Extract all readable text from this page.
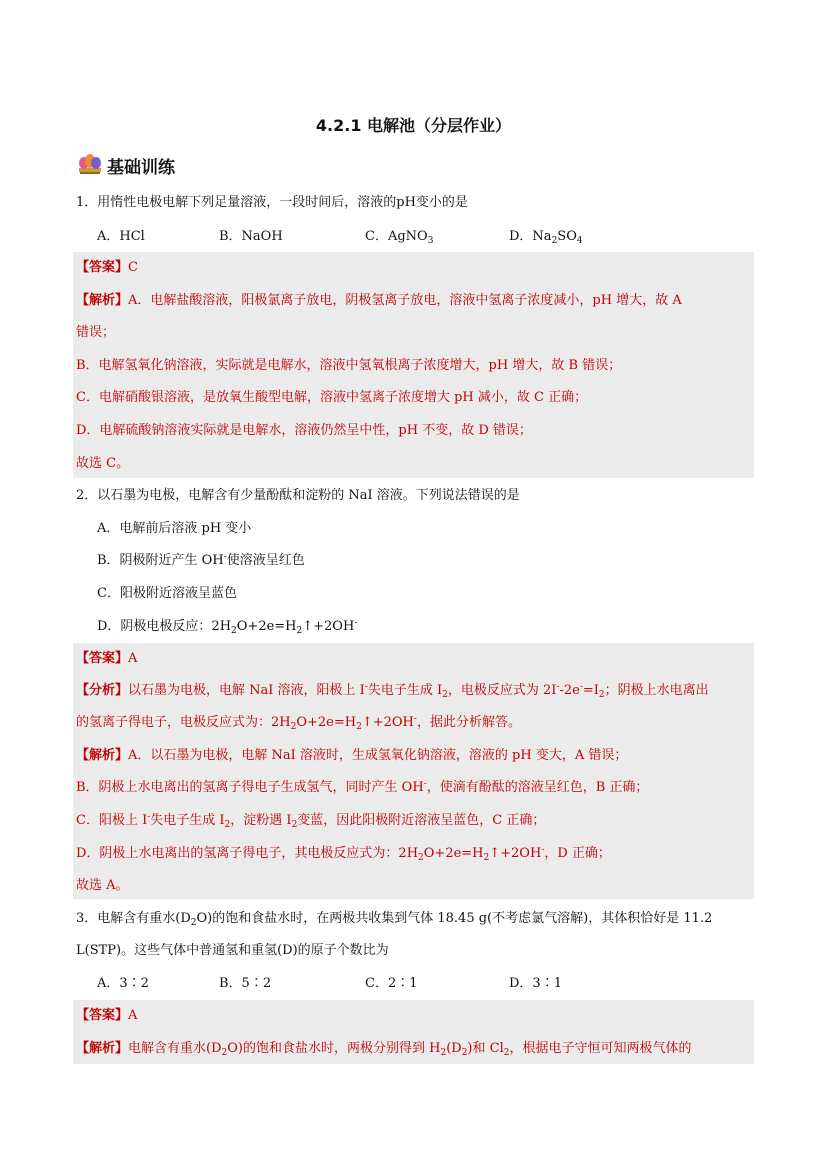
4.2.1 电解池（分层作业）
基础训练
1．用惰性电极电解下列足量溶液，一段时间后，溶液的pH变小的是
A．HCl	B．NaOH	C．AgNO$_3$	D．$Na_2SO_4$
【答案】C
【解析】A．电解盐酸溶液，阳极氯离子放电，阴极氢离子放电，溶液中氢离子浓度减小，pH 增大，故 A
错误；
B．电解氢氧化钠溶液，实际就是电解水，溶液中氢氧根离子浓度增大，pH 增大，故 B 错误；
C．电解硝酸银溶液，是放氧生酸型电解，溶液中氢离子浓度增大 pH 减小，故 C 正确；
D．电解硫酸钠溶液实际就是电解水，溶液仍然呈中性，pH 不变，故 D 错误；
故选 C。
2．以石墨为电极，电解含有少量酚酞和淀粉的 NaI 溶液。下列说法错误的是
A．电解前后溶液 pH 变小
B．阴极附近产生 OH-使溶液呈红色
C．阳极附近溶液呈蓝色
D．阴极电极反应：$2H_2O+2e=H_2↑+2OH^-$
【答案】A
【分析】以石墨为电极，电解 NaI 溶液，阳极上 I-失电子生成 $I_2$，电极反应式为 $2I^--2e^-=I_2$；阴极上水电离出
的氢离子得电子，电极反应式为：$2H_2O+2e=H_2↑+2OH^-$，据此分析解答。
【解析】A．以石墨为电极，电解 NaI 溶液时，生成氢氧化钠溶液，溶液的 pH 变大，A 错误；
B．阴极上水电离出的氢离子得电子生成氢气，同时产生 OH-，使滴有酚酞的溶液呈红色，B 正确；
C．阳极上 I-失电子生成 $I_2$，淀粉遇 $I_2$变蓝，因此阳极附近溶液呈蓝色，C 正确；
D．阴极上水电离出的氢离子得电子，其电极反应式为：$2H_2O+2e=H_2↑+2OH^-$，D 正确；
故选 A。
3．电解含有重水$(D_2O)$的饱和食盐水时，在两极共收集到气体 18.45 g(不考虑氯气溶解)，其体积恰好是 11.2
L(STP)。这些气体中普通氢和重氢(D)的原子个数比为
A．3∶2	B．5∶2	C．2∶1	D．3∶1
【答案】A
【解析】电解含有重水$(D_2O)$的饱和食盐水时，两极分别得到 $H_2(D_2)$和 $Cl_2$，根据电子守恒可知两极气体的
